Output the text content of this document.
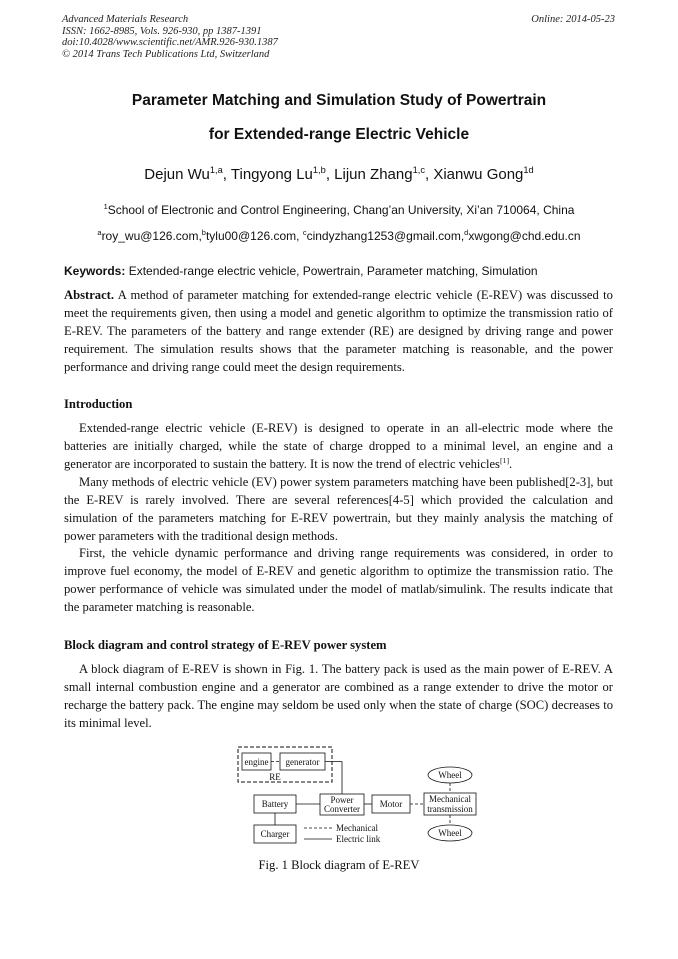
Advanced Materials Research
ISSN: 1662-8985, Vols. 926-930, pp 1387-1391
doi:10.4028/www.scientific.net/AMR.926-930.1387
© 2014 Trans Tech Publications Ltd, Switzerland
Online: 2014-05-23
Parameter Matching and Simulation Study of Powertrain
for Extended-range Electric Vehicle
Dejun Wu$^{1,a}$, Tingyong Lu$^{1,b}$, Lijun Zhang$^{1,c}$, Xianwu Gong$^{1d}$
$^1$School of Electronic and Control Engineering, Chang’an University, Xi’an 710064, China
$^a$roy_wu@126.com,$^b$tylu00@126.com, $^c$cindyzhang1253@gmail.com,$^d$xwgong@chd.edu.cn
Keywords: Extended-range electric vehicle, Powertrain, Parameter matching, Simulation
Abstract. A method of parameter matching for extended-range electric vehicle (E-REV) was discussed to meet the requirements given, then using a model and genetic algorithm to optimize the transmission ratio of E-REV. The parameters of the battery and range extender (RE) are designed by driving range and power requirement. The simulation results shows that the parameter matching is reasonable, and the power performance and driving range could meet the design requirements.
Introduction
Extended-range electric vehicle (E-REV) is designed to operate in an all-electric mode where the batteries are initially charged, while the state of charge dropped to a minimal level, an engine and a generator are incorporated to sustain the battery. It is now the trend of electric vehicles[1].
Many methods of electric vehicle (EV) power system parameters matching have been published[2-3], but the E-REV is rarely involved. There are several references[4-5] which provided the calculation and simulation of the parameters matching for E-REV powertrain, but they mainly analysis the matching of power parameters with the traditional design methods.
First, the vehicle dynamic performance and driving range requirements was considered, in order to improve fuel economy, the model of E-REV and genetic algorithm to optimize the transmission ratio. The power performance of vehicle was simulated under the model of matlab/simulink. The results indicate that the parameter matching is reasonable.
Block diagram and control strategy of E-REV power system
A block diagram of E-REV is shown in Fig. 1. The battery pack is used as the main power of E-REV. A small internal combustion engine and a generator are combined as a range extender to drive the motor or recharge the battery pack. The engine may seldom be used only when the state of charge (SOC) decreases to its minimal level.
engine generator
RE
Battery	Power
Converter Motor	Mechanical
transmission
Wheel
Wheel
Charger
Mechanical
Electric link
Fig. 1 Block diagram of E-REV
